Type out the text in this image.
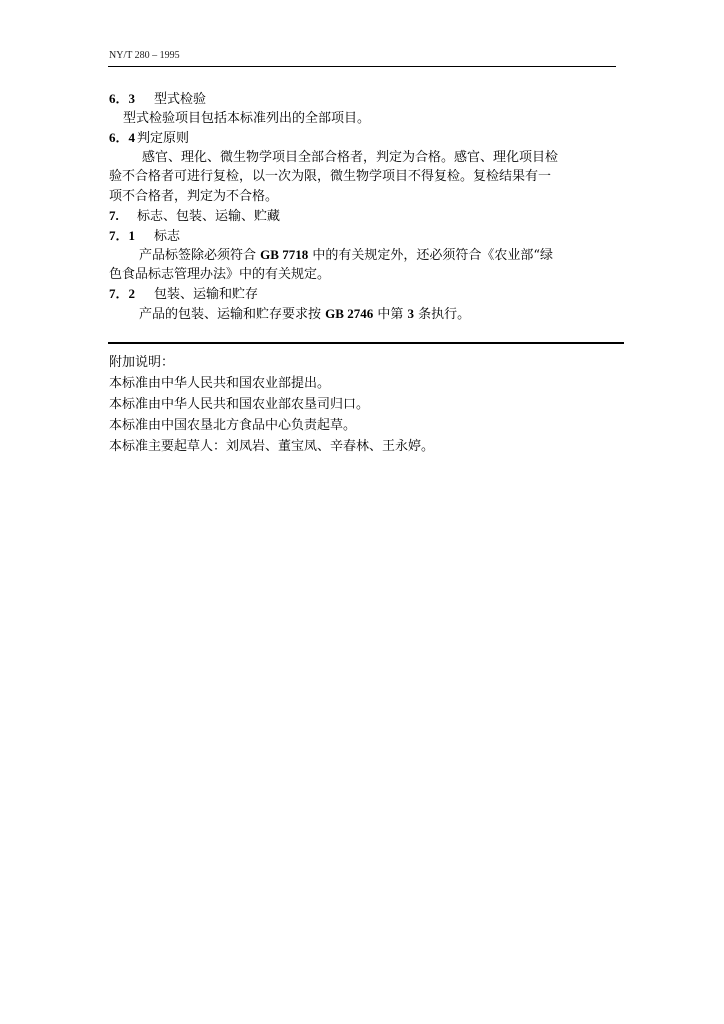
NY/T 280 – 1995
6．3 型式检验
型式检验项目包括本标准列出的全部项目。
6．4 判定原则
感官、理化、微生物学项目全部合格者，判定为合格。感官、理化项目检
验不合格者可进行复检，以一次为限，微生物学项目不得复检。复检结果有一
项不合格者，判定为不合格。
7. 标志、包装、运输、贮藏
7．1 标志
产品标签除必须符合 GB 7718 中的有关规定外，还必须符合《农业部“绿
色食品标志管理办法》中的有关规定。
7．2 包装、运输和贮存
产品的包装、运输和贮存要求按 GB 2746 中第 3 条执行。
附加说明：
本标准由中华人民共和国农业部提出。
本标准由中华人民共和国农业部农垦司归口。
本标准由中国农垦北方食品中心负责起草。
本标准主要起草人：刘凤岩、董宝凤、辛春林、王永婷。
